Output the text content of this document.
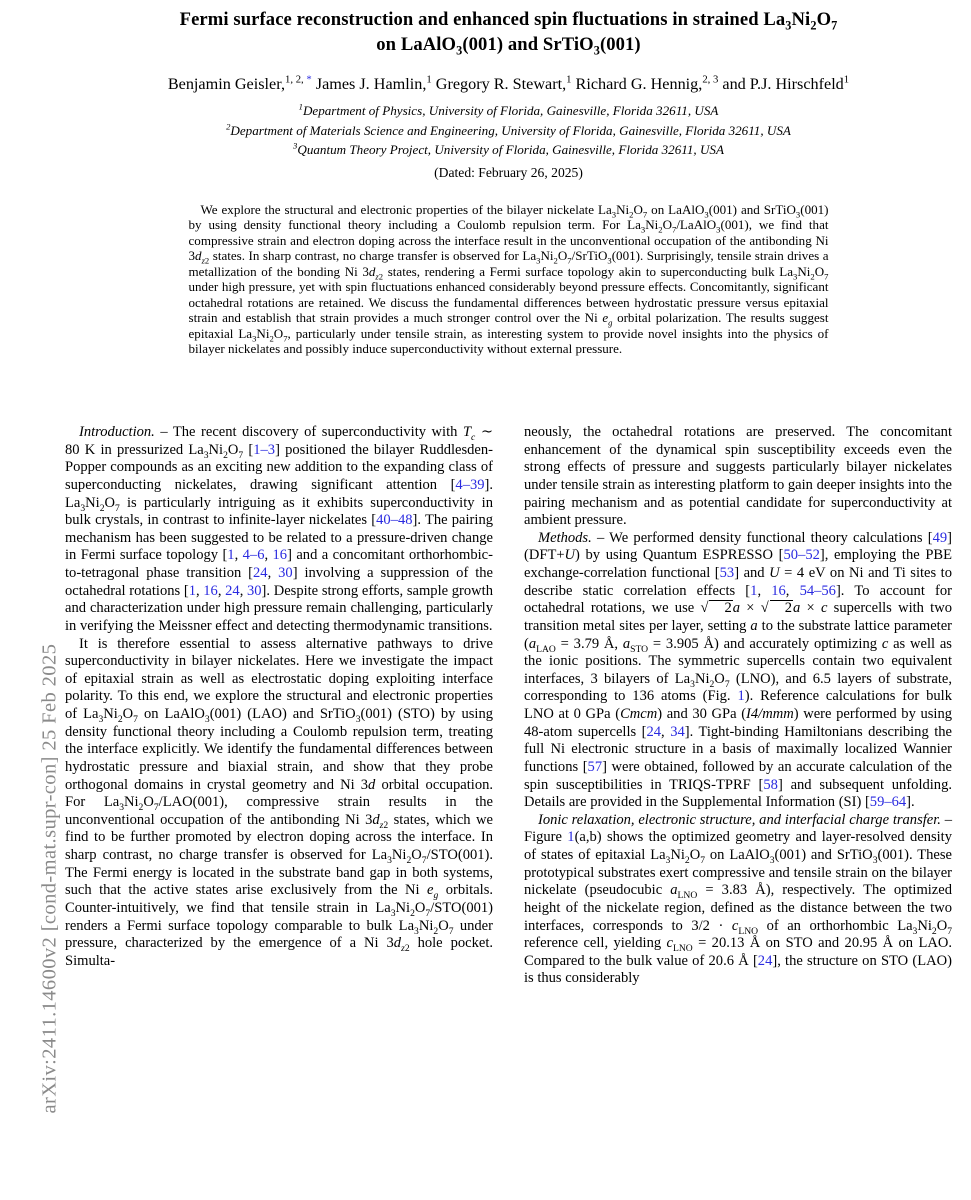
arXiv:2411.14600v2 [cond-mat.supr-con] 25 Feb 2025
Fermi surface reconstruction and enhanced spin fluctuations in strained $La_3Ni_2O_7$
on LaAlO$_3$(001) and SrTiO$_3$(001)
Benjamin Geisler,$^{1, 2,}$ * James J. Hamlin,$^1$ Gregory R. Stewart,$^1$ Richard G. Hennig,$^{2, 3}$ and P.J. Hirschfeld$^1$
$^1$Department of Physics, University of Florida, Gainesville, Florida 32611, USA
$^2$Department of Materials Science and Engineering, University of Florida, Gainesville, Florida 32611, USA
$^3$Quantum Theory Project, University of Florida, Gainesville, Florida 32611, USA
(Dated: February 26, 2025)
We explore the structural and electronic properties of the bilayer nickelate $La_3Ni_2O_7$ on LaAlO$_3$(001) and SrTiO$_3$(001) by using density functional theory including a Coulomb repulsion term. For $La_3Ni_2O_7/LaAlO_3(001)$, we find that compressive strain and electron doping across the interface result in the unconventional occupation of the antibonding Ni $3d_{z2}$ states. In sharp contrast, no charge transfer is observed for $La_3Ni_2O_7/SrTiO_3(001)$. Surprisingly, tensile strain drives a metallization of the bonding Ni $3d_{z2}$ states, rendering a Fermi surface topology akin to superconducting bulk $La_3Ni_2O_7$ under high pressure, yet with spin fluctuations enhanced considerably beyond pressure effects. Concomitantly, significant octahedral rotations are retained. We discuss the fundamental differences between hydrostatic pressure versus epitaxial strain and establish that strain provides a much stronger control over the Ni $e_g$ orbital polarization. The results suggest epitaxial $La_3Ni_2O_7$, particularly under tensile strain, as interesting system to provide novel insights into the physics of bilayer nickelates and possibly induce superconductivity without external pressure.

Introduction. – The recent discovery of superconductivity with $T_c$ ∼ 80 K in pressurized $La_3Ni_2O_7$ [1–3] positioned the bilayer Ruddlesden-Popper compounds as an exciting new addition to the expanding class of superconducting nickelates, drawing significant attention [4–39]. $La_3Ni_2O_7$ is particularly intriguing as it exhibits superconductivity in bulk crystals, in contrast to infinite-layer nickelates [40–48]. The pairing mechanism has been suggested to be related to a pressure-driven change in Fermi surface topology [1, 4–6, 16] and a concomitant orthorhombic-to-tetragonal phase transition [24, 30] involving a suppression of the octahedral rotations [1, 16, 24, 30]. Despite strong efforts, sample growth and characterization under high pressure remain challenging, particularly in verifying the Meissner effect and detecting thermodynamic transitions.

It is therefore essential to assess alternative pathways to drive superconductivity in bilayer nickelates. Here we investigate the impact of epitaxial strain as well as electrostatic doping exploiting interface polarity. To this end, we explore the structural and electronic properties of $La_3Ni_2O_7$ on LaAlO$_3$(001) (LAO) and SrTiO$_3$(001) (STO) by using density functional theory including a Coulomb repulsion term, treating the interface explicitly. We identify the fundamental differences between hydrostatic pressure and biaxial strain, and show that they probe orthogonal domains in crystal geometry and Ni 3d orbital occupation. For $La_3Ni_2O_7/LAO(001)$, compressive strain results in the unconventional occupation of the antibonding Ni $3d_{z2}$ states, which we find to be further promoted by electron doping across the interface. In sharp contrast, no charge transfer is observed for $La_3Ni_2O_7/STO(001)$. The Fermi energy is located in the substrate band gap in both systems, such that the active states arise exclusively from the Ni $e_g$ orbitals. Counter-intuitively, we find that tensile strain in $La_3Ni_2O_7/STO(001)$ renders a Fermi surface topology comparable to bulk $La_3Ni_2O_7$ under pressure, characterized by the emergence of a Ni $3d_{z2}$ hole pocket. Simulta-

neously, the octahedral rotations are preserved. The concomitant enhancement of the dynamical spin susceptibility exceeds even the strong effects of pressure and suggests particularly bilayer nickelates under tensile strain as interesting platform to gain deeper insights into the pairing mechanism and as potential candidate for superconductivity at ambient pressure.

Methods. – We performed density functional theory calculations [49] (DFT+U) by using Quantum ESPRESSO [50–52], employing the PBE exchange-correlation functional [53] and U = 4 eV on Ni and Ti sites to describe static correlation effects [1, 16, 54–56]. To account for octahedral rotations, we use √ 2a × √ 2a × c supercells with two transition metal sites per layer, setting a to the substrate lattice parameter ($a_{LAO} = 3.79$ Å, $a_{STO} = 3.905$ Å) and accurately optimizing c as well as the ionic positions. The symmetric supercells contain two equivalent interfaces, 3 bilayers of $La_3Ni_2O_7$ (LNO), and 6.5 layers of substrate, corresponding to 136 atoms (Fig. 1). Reference calculations for bulk LNO at 0 GPa (Cmcm) and 30 GPa (I4/mmm) were performed by using 48-atom supercells [24, 34]. Tight-binding Hamiltonians describing the full Ni electronic structure in a basis of maximally localized Wannier functions [57] were obtained, followed by an accurate calculation of the spin susceptibilities in TRIQS-TPRF [58] and subsequent unfolding. Details are provided in the Supplemental Information (SI) [59–64].

Ionic relaxation, electronic structure, and interfacial charge transfer. – Figure 1(a,b) shows the optimized geometry and layer-resolved density of states of epitaxial $La_3Ni_2O_7$ on LaAlO$_3$(001) and SrTiO$_3$(001). These prototypical substrates exert compressive and tensile strain on the bilayer nickelate (pseudocubic $a_{LNO} = 3.83$ Å), respectively. The optimized height of the nickelate region, defined as the distance between the two interfaces, corresponds to $3/2 \cdot c_{LNO}$ of an orthorhombic $La_3Ni_2O_7$ reference cell, yielding $c_{LNO} = 20.13$ Å on STO and 20.95 Å on LAO. Compared to the bulk value of 20.6 Å [24], the structure on STO (LAO) is thus considerably
